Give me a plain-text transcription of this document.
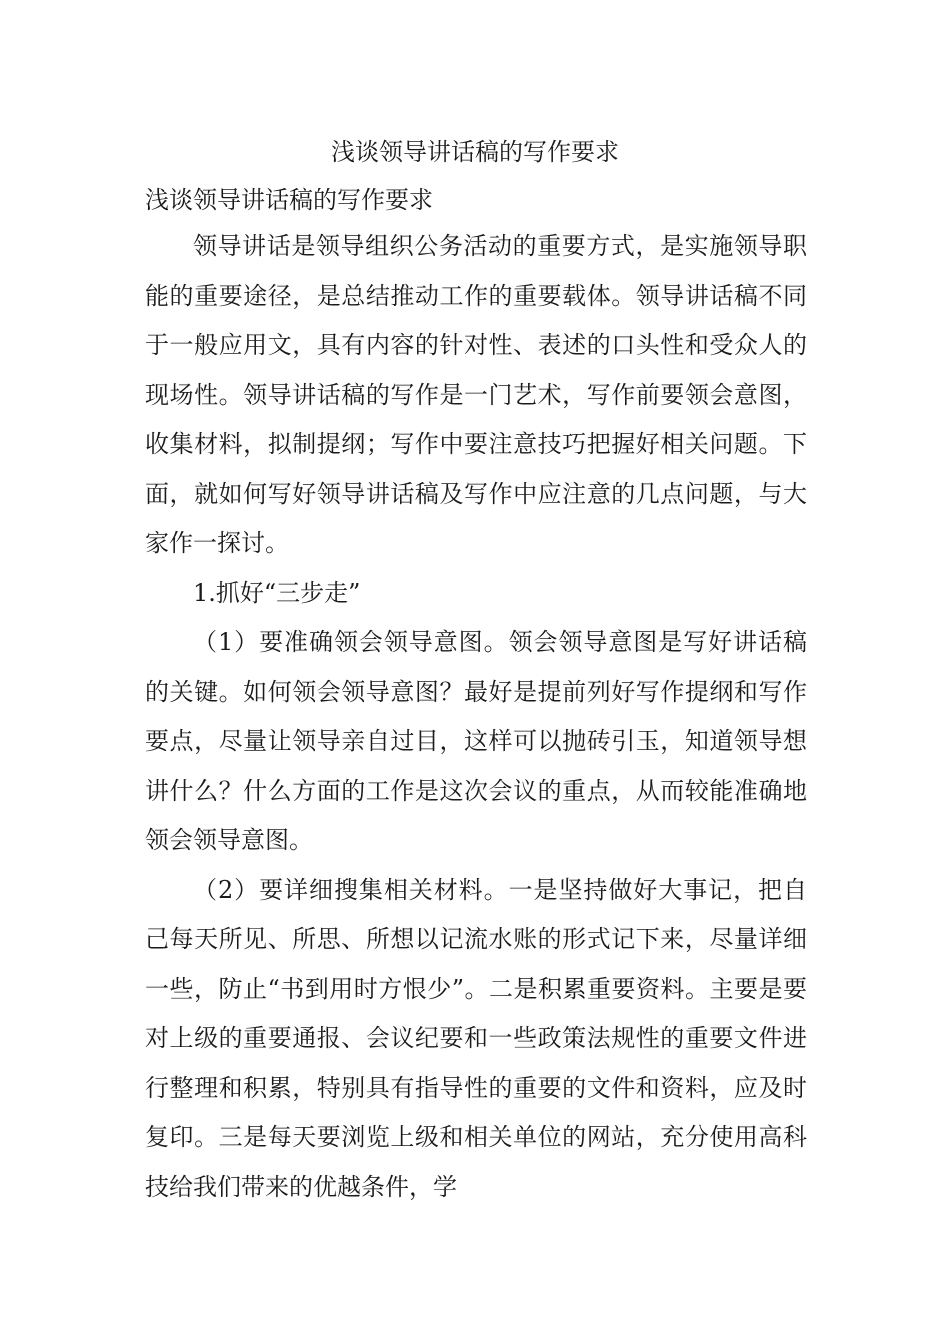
浅谈领导讲话稿的写作要求

浅谈领导讲话稿的写作要求

领导讲话是领导组织公务活动的重要方式，是实施领导职能的重要途径，是总结推动工作的重要载体。领导讲话稿不同于一般应用文，具有内容的针对性、表述的口头性和受众人的现场性。领导讲话稿的写作是一门艺术，写作前要领会意图，收集材料，拟制提纲；写作中要注意技巧把握好相关问题。下面，就如何写好领导讲话稿及写作中应注意的几点问题，与大家作一探讨。

1.抓好“三步走”

（1）要准确领会领导意图。领会领导意图是写好讲话稿的关键。如何领会领导意图？最好是提前列好写作提纲和写作要点，尽量让领导亲自过目，这样可以抛砖引玉，知道领导想讲什么？什么方面的工作是这次会议的重点，从而较能准确地领会领导意图。

（2）要详细搜集相关材料。一是坚持做好大事记，把自己每天所见、所思、所想以记流水账的形式记下来，尽量详细一些，防止“书到用时方恨少”。二是积累重要资料。主要是要对上级的重要通报、会议纪要和一些政策法规性的重要文件进行整理和积累，特别具有指导性的重要的文件和资料，应及时复印。三是每天要浏览上级和相关单位的网站，充分使用高科技给我们带来的优越条件，学
